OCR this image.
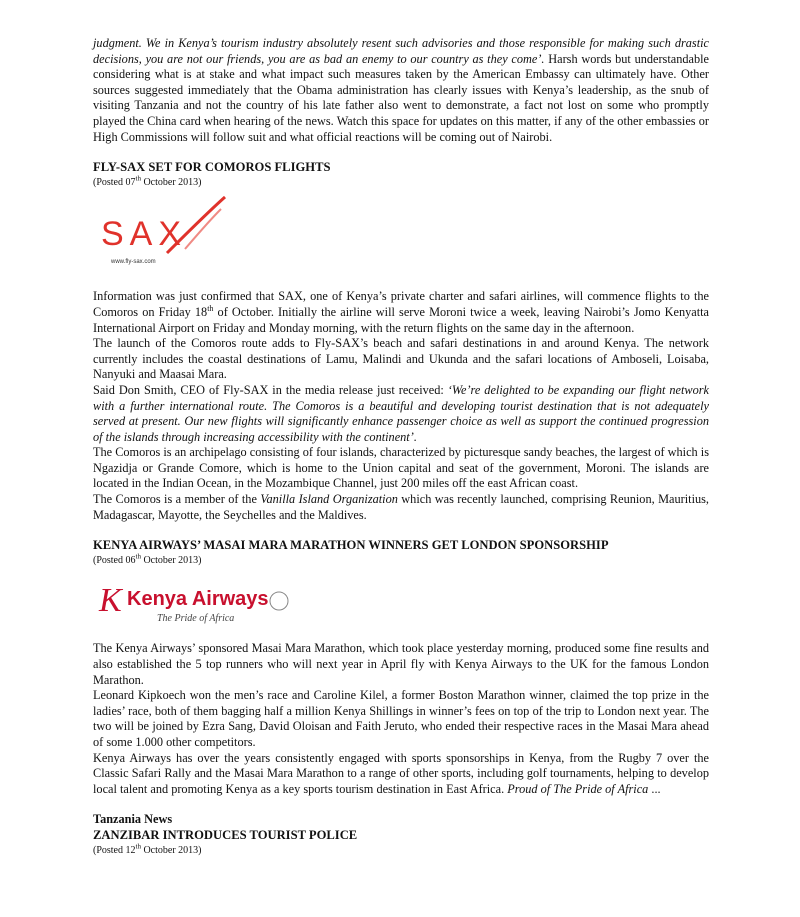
judgment. We in Kenya’s tourism industry absolutely resent such advisories and those responsible for making such drastic decisions, you are not our friends, you are as bad an enemy to our country as they come’. Harsh words but understandable considering what is at stake and what impact such measures taken by the American Embassy can ultimately have. Other sources suggested immediately that the Obama administration has clearly issues with Kenya’s leadership, as the snub of visiting Tanzania and not the country of his late father also went to demonstrate, a fact not lost on some who promptly played the China card when hearing of the news. Watch this space for updates on this matter, if any of the other embassies or High Commissions will follow suit and what official reactions will be coming out of Nairobi.

FLY-SAX SET FOR COMOROS FLIGHTS

(Posted 07th October 2013)

SAX
www.fly-sax.com

Information was just confirmed that SAX, one of Kenya’s private charter and safari airlines, will commence flights to the Comoros on Friday 18th of October. Initially the airline will serve Moroni twice a week, leaving Nairobi’s Jomo Kenyatta International Airport on Friday and Monday morning, with the return flights on the same day in the afternoon.

The launch of the Comoros route adds to Fly-SAX’s beach and safari destinations in and around Kenya. The network currently includes the coastal destinations of Lamu, Malindi and Ukunda and the safari locations of Amboseli, Loisaba, Nanyuki and Maasai Mara.

Said Don Smith, CEO of Fly-SAX in the media release just received: ‘We’re delighted to be expanding our flight network with a further international route. The Comoros is a beautiful and developing tourist destination that is not adequately served at present. Our new flights will significantly enhance passenger choice as well as support the continued progression of the islands through increasing accessibility with the continent’.

The Comoros is an archipelago consisting of four islands, characterized by picturesque sandy beaches, the largest of which is Ngazidja or Grande Comore, which is home to the Union capital and seat of the government, Moroni. The islands are located in the Indian Ocean, in the Mozambique Channel, just 200 miles off the east African coast.

The Comoros is a member of the Vanilla Island Organization which was recently launched, comprising Reunion, Mauritius, Madagascar, Mayotte, the Seychelles and the Maldives.

KENYA AIRWAYS’ MASAI MARA MARATHON WINNERS GET LONDON SPONSORSHIP

(Posted 06th October 2013)

K Kenya Airways
The Pride of Africa

The Kenya Airways’ sponsored Masai Mara Marathon, which took place yesterday morning, produced some fine results and also established the 5 top runners who will next year in April fly with Kenya Airways to the UK for the famous London Marathon.

Leonard Kipkoech won the men’s race and Caroline Kilel, a former Boston Marathon winner, claimed the top prize in the ladies’ race, both of them bagging half a million Kenya Shillings in winner’s fees on top of the trip to London next year. The two will be joined by Ezra Sang, David Oloisan and Faith Jeruto, who ended their respective races in the Masai Mara ahead of some 1.000 other competitors.

Kenya Airways has over the years consistently engaged with sports sponsorships in Kenya, from the Rugby 7 over the Classic Safari Rally and the Masai Mara Marathon to a range of other sports, including golf tournaments, helping to develop local talent and promoting Kenya as a key sports tourism destination in East Africa. Proud of The Pride of Africa ...

Tanzania News

ZANZIBAR INTRODUCES TOURIST POLICE

(Posted 12th October 2013)
